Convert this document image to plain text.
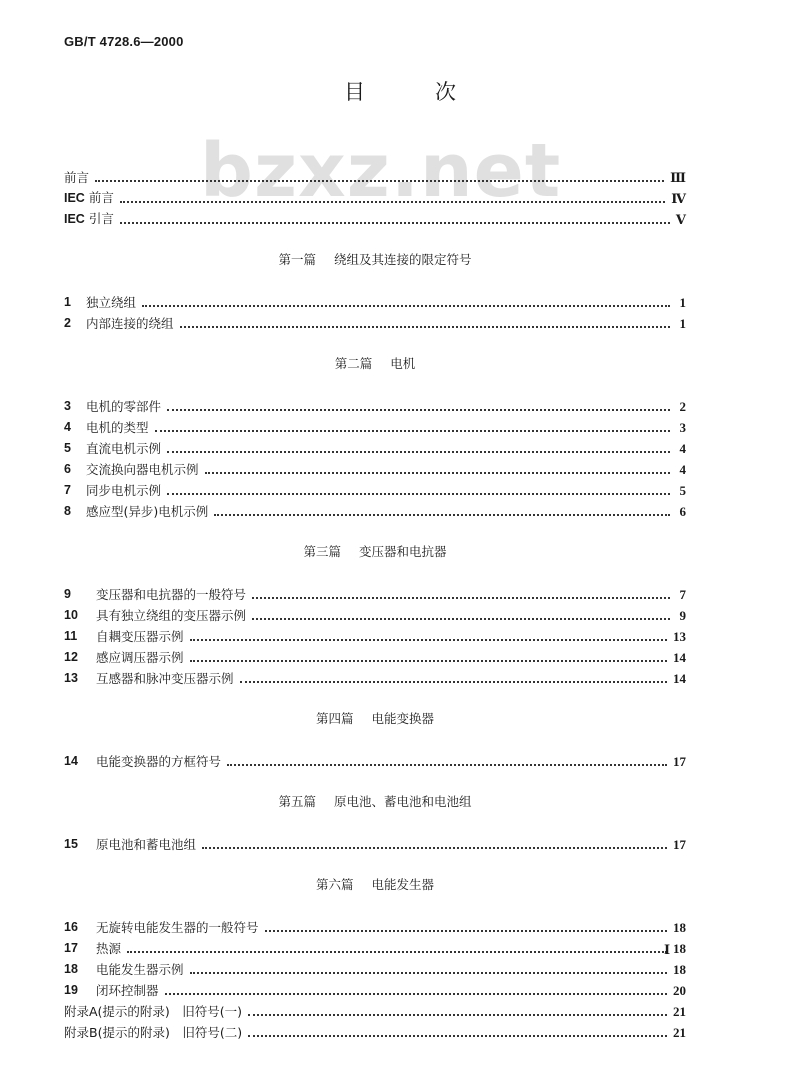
GB/T 4728.6—2000
目	次
bzxz.net
前言	Ⅲ
IEC 前言	Ⅳ
IEC 引言	Ⅴ
第一篇 绕组及其连接的限定符号
1	独立绕组	1
2	内部连接的绕组	1
第二篇 电机
3	电机的零部件	2
4	电机的类型	3
5	直流电机示例	4
6	交流换向器电机示例	4
7	同步电机示例	5
8	感应型(异步)电机示例	6
第三篇 变压器和电抗器
9	变压器和电抗器的一般符号	7
10	具有独立绕组的变压器示例	9
11	自耦变压器示例	13
12	感应调压器示例	14
13	互感器和脉冲变压器示例	14
第四篇 电能变换器
14	电能变换器的方框符号	17
第五篇 原电池、蓄电池和电池组
15	原电池和蓄电池组	17
第六篇 电能发生器
16	无旋转电能发生器的一般符号	18
17	热源	18
18	电能发生器示例	18
19	闭环控制器	20
附录A(提示的附录)　旧符号(一)	21
附录B(提示的附录)　旧符号(二)	21
Ⅰ
